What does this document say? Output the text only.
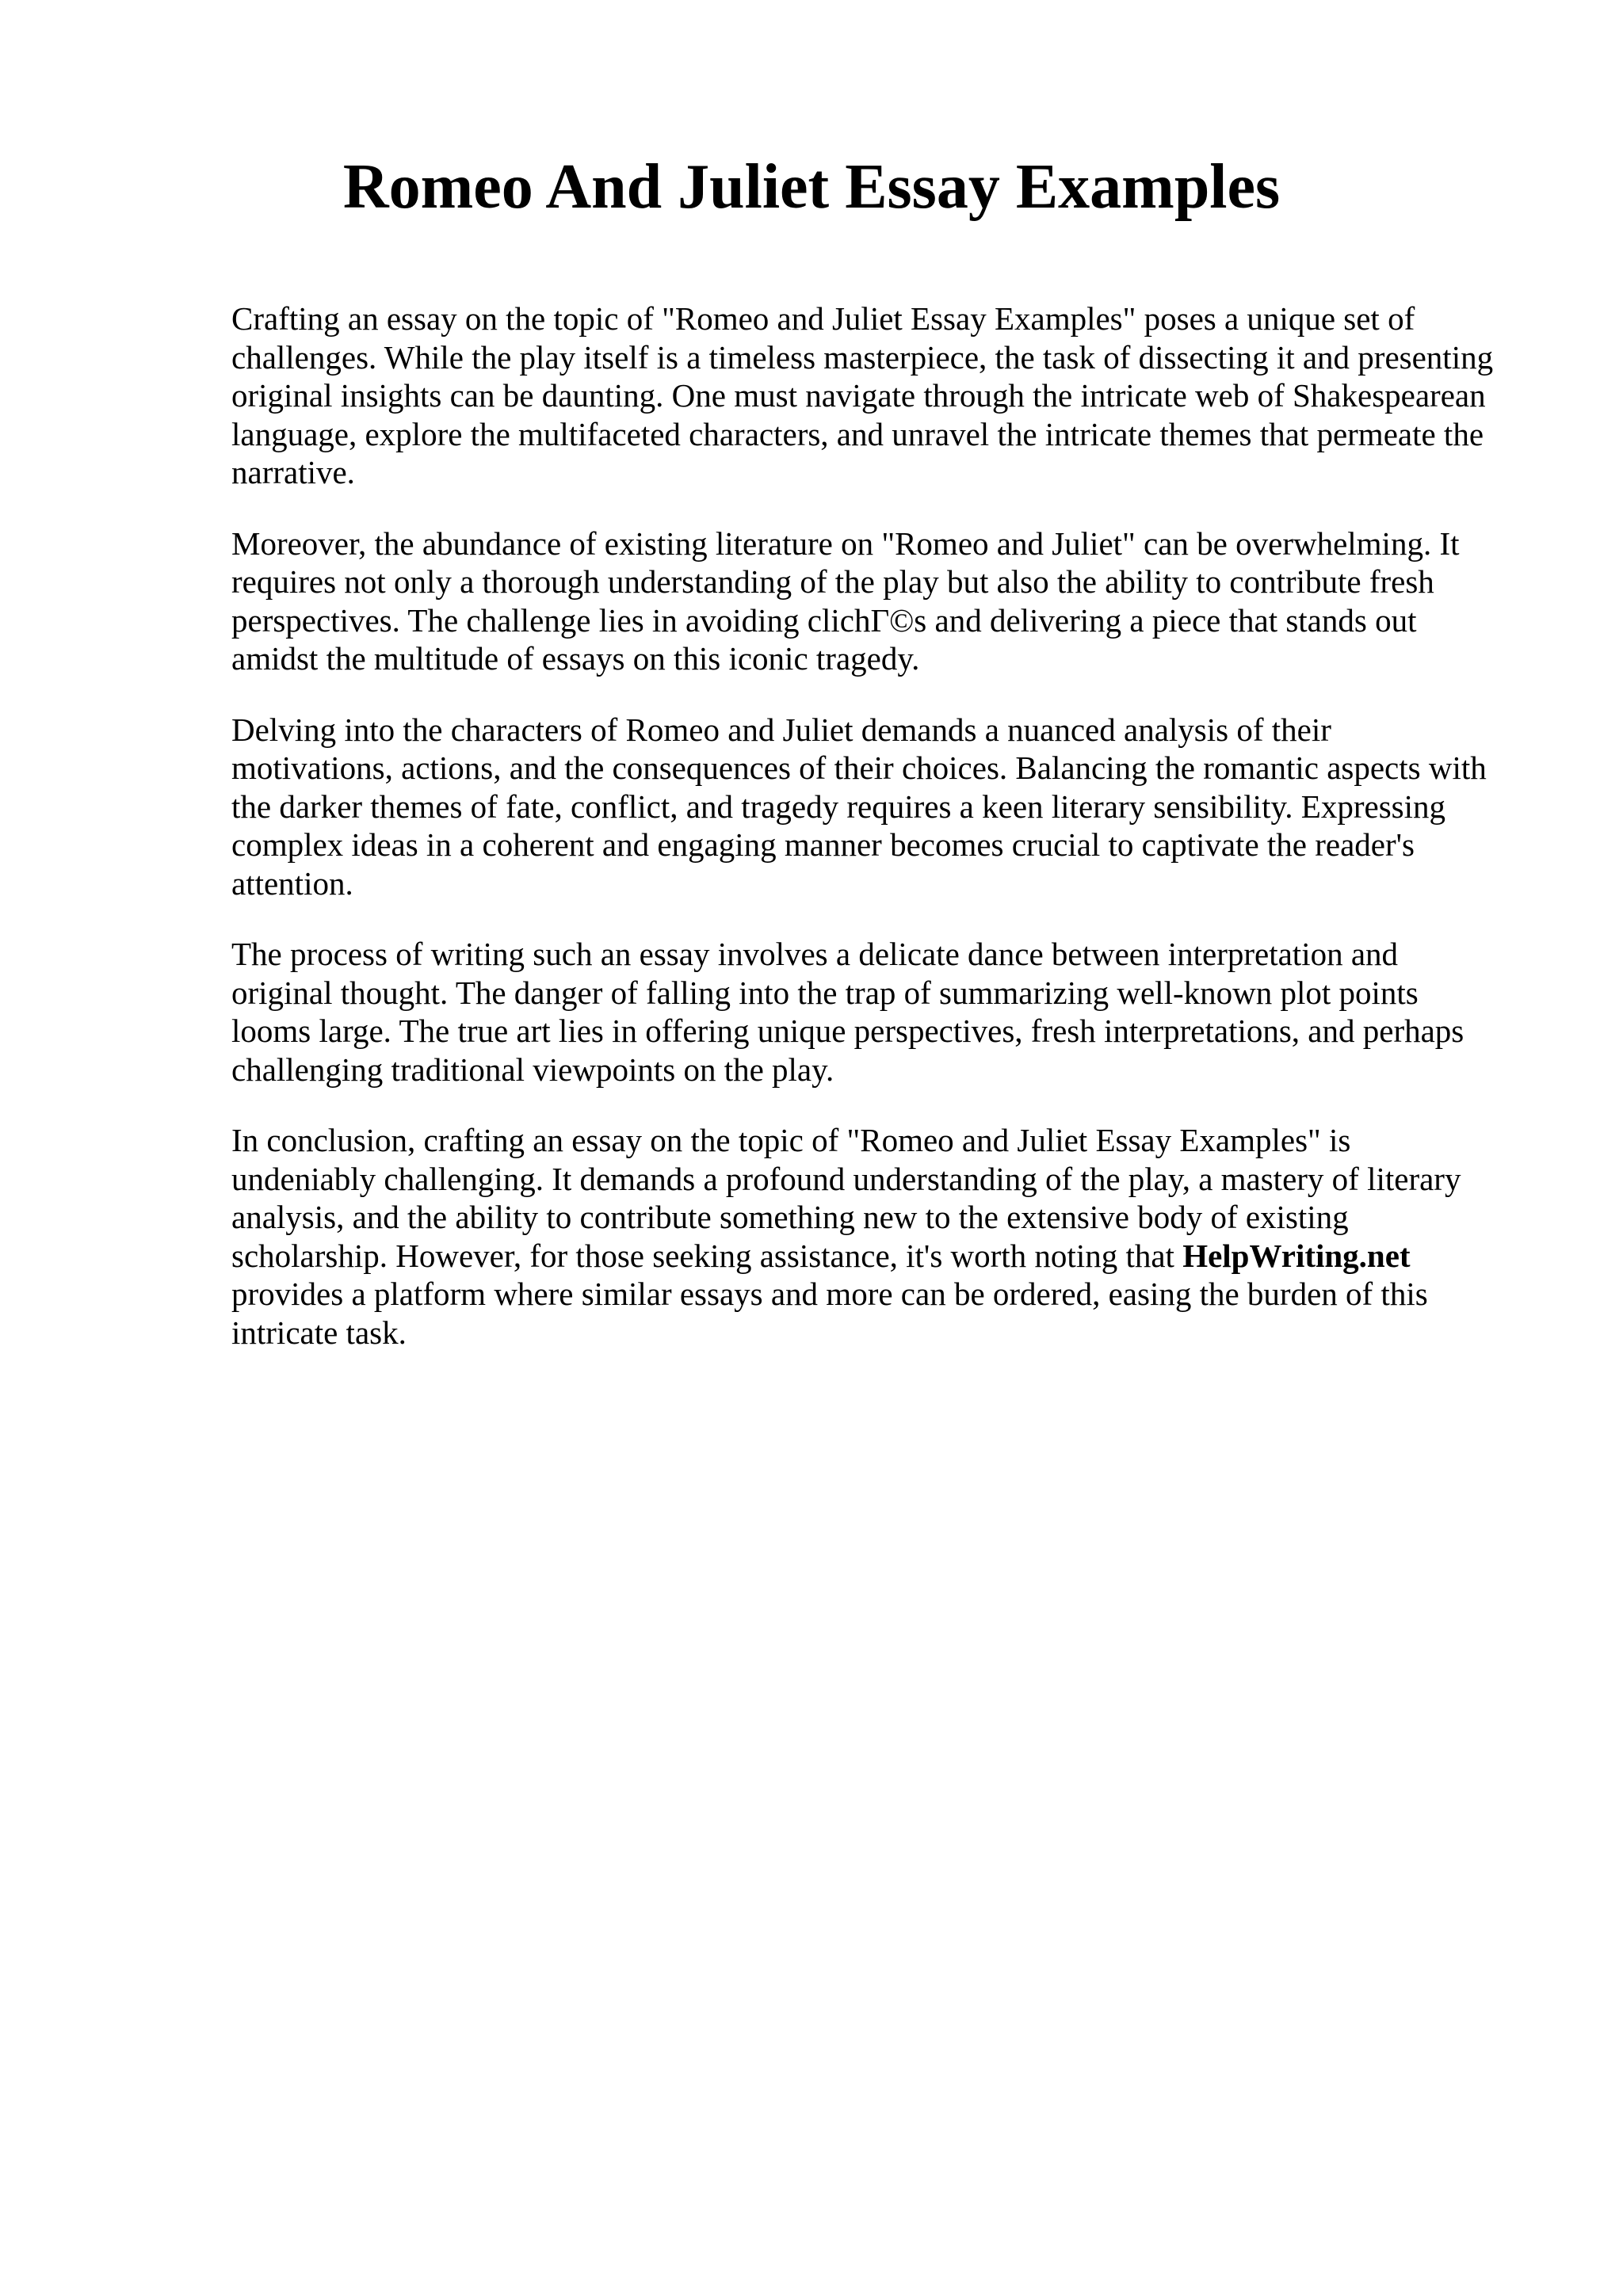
Romeo And Juliet Essay Examples

Crafting an essay on the topic of "Romeo and Juliet Essay Examples" poses a unique set of
challenges. While the play itself is a timeless masterpiece, the task of dissecting it and presenting
original insights can be daunting. One must navigate through the intricate web of Shakespearean
language, explore the multifaceted characters, and unravel the intricate themes that permeate the
narrative.

Moreover, the abundance of existing literature on "Romeo and Juliet" can be overwhelming. It
requires not only a thorough understanding of the play but also the ability to contribute fresh
perspectives. The challenge lies in avoiding clichГ©s and delivering a piece that stands out
amidst the multitude of essays on this iconic tragedy.

Delving into the characters of Romeo and Juliet demands a nuanced analysis of their
motivations, actions, and the consequences of their choices. Balancing the romantic aspects with
the darker themes of fate, conflict, and tragedy requires a keen literary sensibility. Expressing
complex ideas in a coherent and engaging manner becomes crucial to captivate the reader's
attention.

The process of writing such an essay involves a delicate dance between interpretation and
original thought. The danger of falling into the trap of summarizing well-known plot points
looms large. The true art lies in offering unique perspectives, fresh interpretations, and perhaps
challenging traditional viewpoints on the play.

In conclusion, crafting an essay on the topic of "Romeo and Juliet Essay Examples" is
undeniably challenging. It demands a profound understanding of the play, a mastery of literary
analysis, and the ability to contribute something new to the extensive body of existing
scholarship. However, for those seeking assistance, it's worth noting that HelpWriting.net
provides a platform where similar essays and more can be ordered, easing the burden of this
intricate task.
